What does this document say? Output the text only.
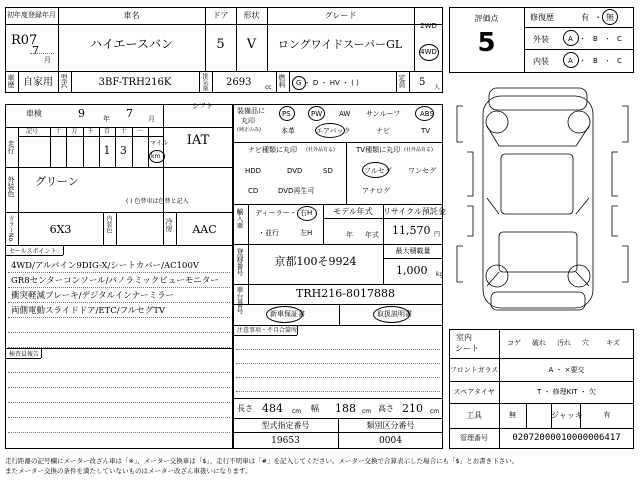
初年度登録年月
R07
7
月
車名
ハイエースバン
ドア
5
形状
V
グレード
ロングワイドスーパーGL
2WD
4WD
車歴 自家用	型式	3BF-TRH216K	排気量 2693 cc 燃料 G ・ D ・ HV ・ ( )	定員 5 人
車検	9	年 7 月
シフト
走行
記号	十	万	千	百	十	一
1 3
マイル
km
IAT
外装色 グリーン
( ) 色替車は色替と記入
カラーNo.	6X3	内装色	冷房	AAC
セールスポイント
4WD/アルパイン9DIG-X/シートカバー/AC100V
GR8センターコンソール/パノラミックビューモニター
衝突軽減ブレーキ/デジタルインナーミラー
両側電動スライドドア/ETC/フルセグTV
検査員報告
装備品に
丸印
(純正のみ)
PS	PW AW サンルーフ	ABS
本革	エアバック	ナビ	TV
ナビ種類に丸印 (社外品有る)
HDD	DVD	SD
CD	DVD再生可
TV種類に丸印 (社外品有る)
フルセグ ワンセグ
アナログ
輸入車 ディーラー・ 右H
・並行	左H
モデル年式
年 年式
リサイクル預託金
11,570 円
登録番号	京都100そ9924
最大積載量
1,000 kg
車台番号	TRH216-8017888
新車保証書	取扱説明書
注意事項・不具合箇所
長さ 484 cm 幅 188 cm 高さ 210 cm
型式指定番号
19653
類別区分番号
0004
評価点
5
修復歴	有 ・ 無
外装	A ・ B ・ C
内装	A ・ B ・ C
室内
シート
コゲ 破れ 汚れ 穴 キズ
フロントガラス	A ・ ×要交
スペアタイヤ	T ・ 修理KIT ・ 欠
工具	無	ジャッキ	有
管理番号	02072000010000006417
走行距離の記号欄にメーター改ざん車は「※」、メーター交換車は「$」、走行不明車は「#」を記入してください。メーター交換で合算表示した場合にも「$」とお書き下さい。
またメーター交換の条件を満たしていないものはメーター改ざん車扱いになります。
